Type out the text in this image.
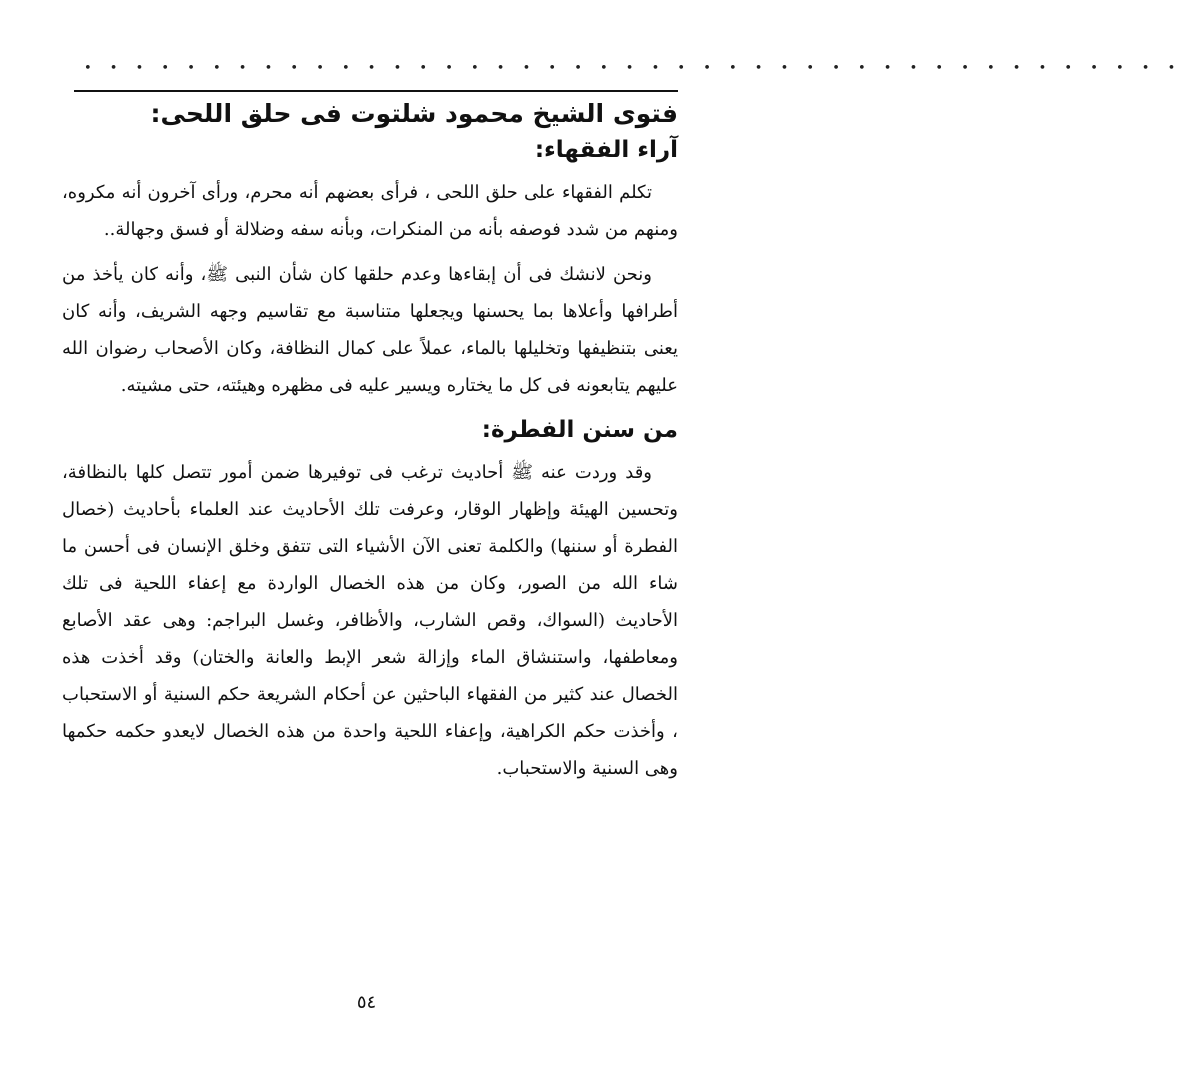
• • • • • • • • • • • • • • • • • • • • • • • • • • • • • • • • • • • • • • • • • • •
فتوى الشيخ محمود شلتوت فى حلق اللحى:
آراء الفقهاء:

تكلم الفقهاء على حلق اللحى ، فرأى بعضهم أنه محرم، ورأى آخرون أنه مكروه، ومنهم من شدد فوصفه بأنه من المنكرات، وبأنه سفه وضلالة أو فسق وجهالة..

ونحن لانشك فى أن إبقاءها وعدم حلقها كان شأن النبى ﷺ، وأنه كان يأخذ من أطرافها وأعلاها بما يحسنها ويجعلها متناسبة مع تقاسيم وجهه الشريف، وأنه كان يعنى بتنظيفها وتخليلها بالماء، عملاً على كمال النظافة، وكان الأصحاب رضوان الله عليهم يتابعونه فى كل ما يختاره ويسير عليه فى مظهره وهيئته، حتى مشيته.

من سنن الفطرة:

وقد وردت عنه ﷺ أحاديث ترغب فى توفيرها ضمن أمور تتصل كلها بالنظافة، وتحسين الهيئة وإظهار الوقار، وعرفت تلك الأحاديث عند العلماء بأحاديث (خصال الفطرة أو سننها) والكلمة تعنى الآن الأشياء التى تتفق وخلق الإنسان فى أحسن ما شاء الله من الصور، وكان من هذه الخصال الواردة مع إعفاء اللحية فى تلك الأحاديث (السواك، وقص الشارب، والأظافر، وغسل البراجم: وهى عقد الأصابع ومعاطفها، واستنشاق الماء وإزالة شعر الإبط والعانة والختان) وقد أخذت هذه الخصال عند كثير من الفقهاء الباحثين عن أحكام الشريعة حكم السنية أو الاستحباب ، وأخذت حكم الكراهية، وإعفاء اللحية واحدة من هذه الخصال لايعدو حكمه حكمها وهى السنية والاستحباب.

٥٤
